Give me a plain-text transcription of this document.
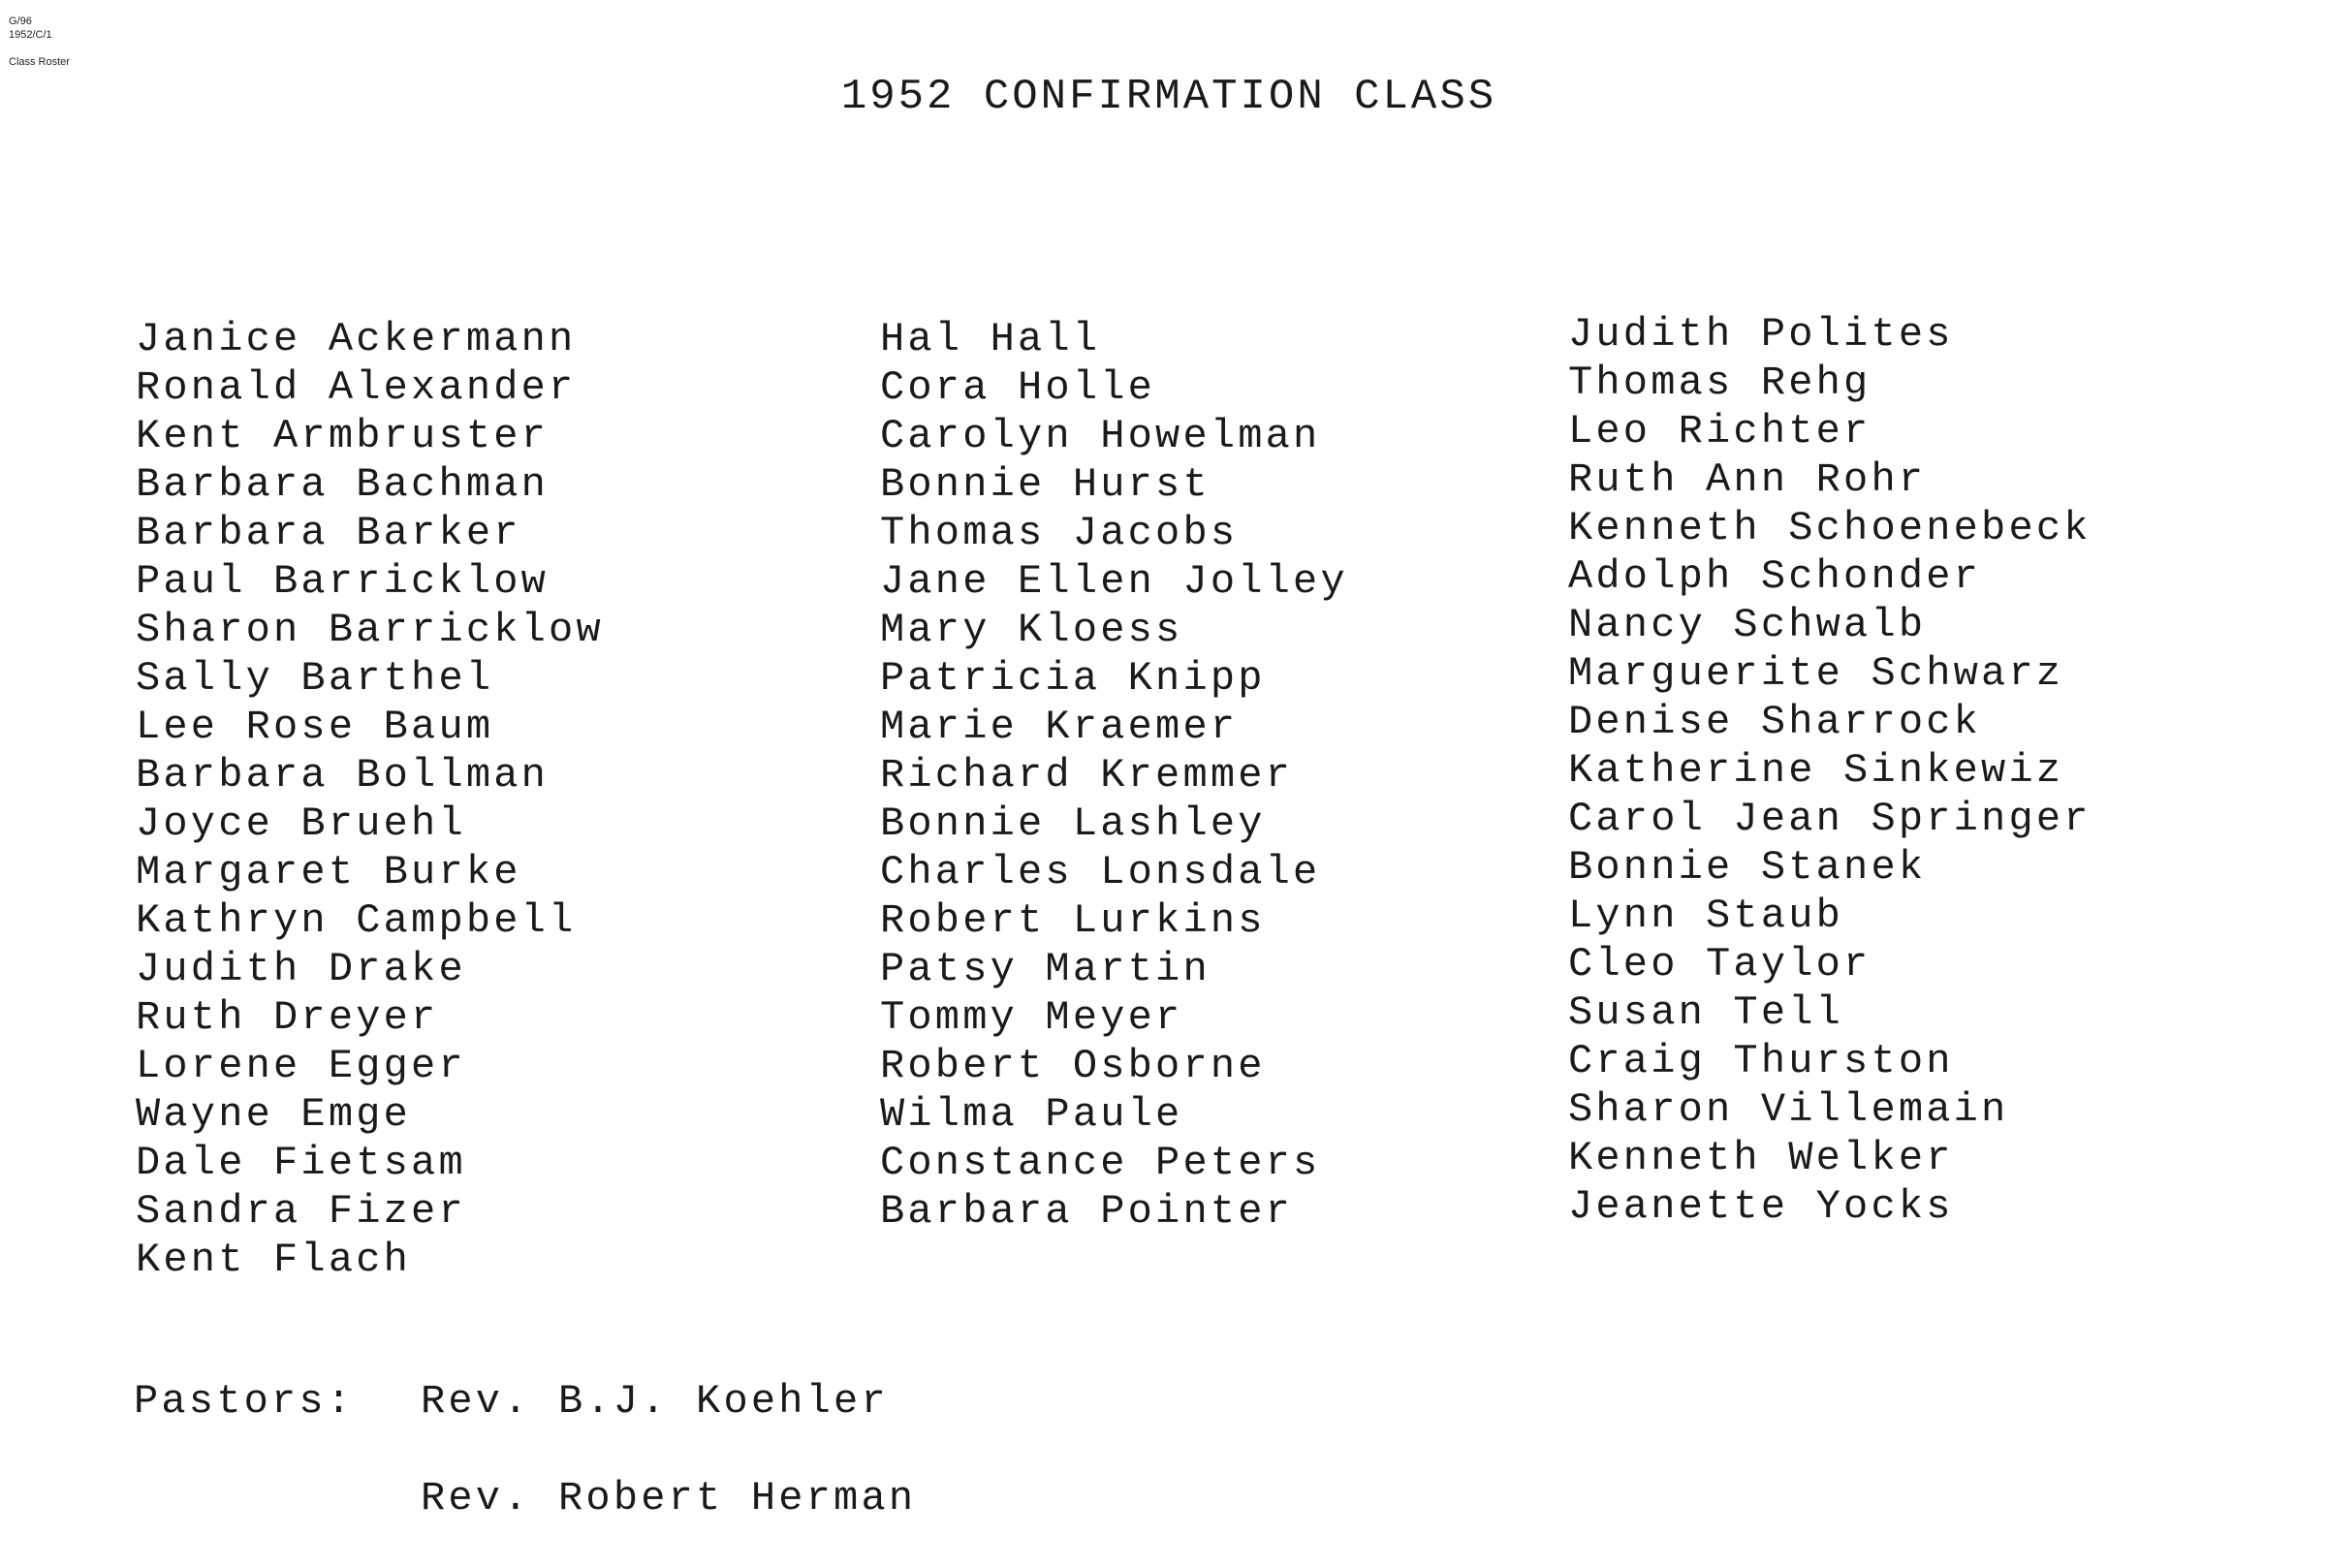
G/96
1952/C/1
Class Roster
1952 CONFIRMATION CLASS
Janice Ackermann
Ronald Alexander
Kent Armbruster
Barbara Bachman
Barbara Barker
Paul Barricklow
Sharon Barricklow
Sally Barthel
Lee Rose Baum
Barbara Bollman
Joyce Bruehl
Margaret Burke
Kathryn Campbell
Judith Drake
Ruth Dreyer
Lorene Egger
Wayne Emge
Dale Fietsam
Sandra Fizer
Kent Flach
Hal Hall
Cora Holle
Carolyn Howelman
Bonnie Hurst
Thomas Jacobs
Jane Ellen Jolley
Mary Kloess
Patricia Knipp
Marie Kraemer
Richard Kremmer
Bonnie Lashley
Charles Lonsdale
Robert Lurkins
Patsy Martin
Tommy Meyer
Robert Osborne
Wilma Paule
Constance Peters
Barbara Pointer
Judith Polites
Thomas Rehg
Leo Richter
Ruth Ann Rohr
Kenneth Schoenebeck
Adolph Schonder
Nancy Schwalb
Marguerite Schwarz
Denise Sharrock
Katherine Sinkewiz
Carol Jean Springer
Bonnie Stanek
Lynn Staub
Cleo Taylor
Susan Tell
Craig Thurston
Sharon Villemain
Kenneth Welker
Jeanette Yocks
Pastors:	Rev. B.J. Koehler
Rev. Robert Herman
